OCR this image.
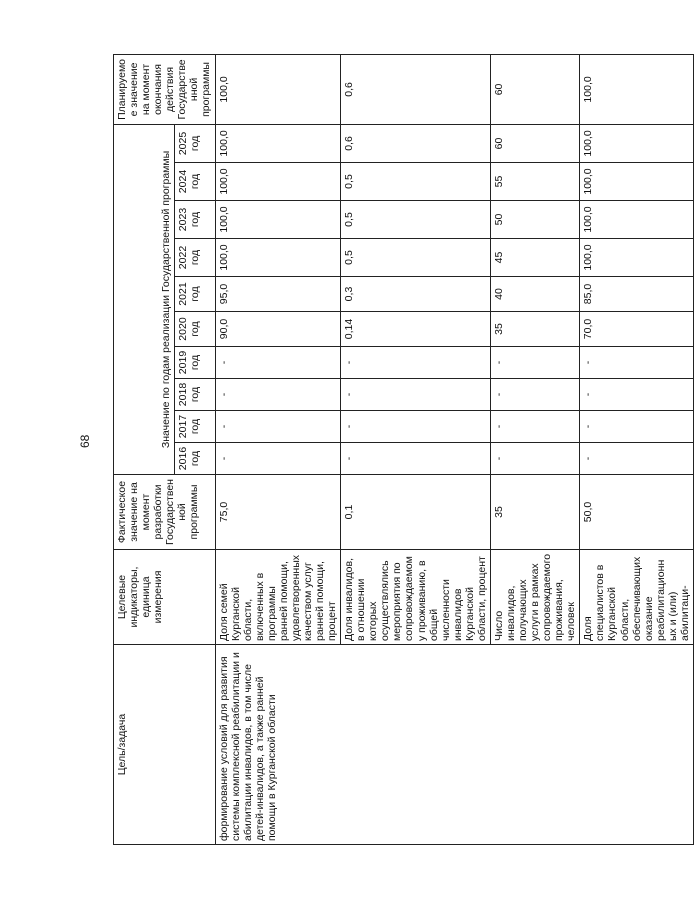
68
Цель/задача	Целевые индикаторы, единица измерения	Фактическое значение на момент разработки Государственной программы	Значение по годам реализации Государственной программы										Планируемое значение на момент окончания действия Государственной программы
			2016 год	2017 год	2018 год	2019 год	2020 год	2021 год	2022 год	2023 год	2024 год	2025 год	
формирование условий для развития системы комплексной реабилитации и абилитации инвалидов, в том числе детей-инвалидов, а также ранней помощи в Курганской области	Доля семей Курганской области, включенных в программы ранней помощи, удовлетворенных качеством услуг ранней помощи, процент	75,0	-	-	-	-	90,0	95,0	100,0	100,0	100,0	100,0	100,0
	Доля инвалидов, в отношении которых осуществлялись мероприятия по сопровождаемому проживанию, в общей численности инвалидов Курганской области, процент	0,1	-	-	-	-	0,14	0,3	0,5	0,5	0,5	0,6	0,6
	Число инвалидов, получающих услуги в рамках сопровождаемого проживания, человек	35	-	-	-	-	35	40	45	50	55	60	60
	Доля специалистов в Курганской области, обеспечивающих оказание реабилитационных и (или) абилитаци-	50,0	-	-	-	-	70,0	85,0	100,0	100,0	100,0	100,0	100,0
